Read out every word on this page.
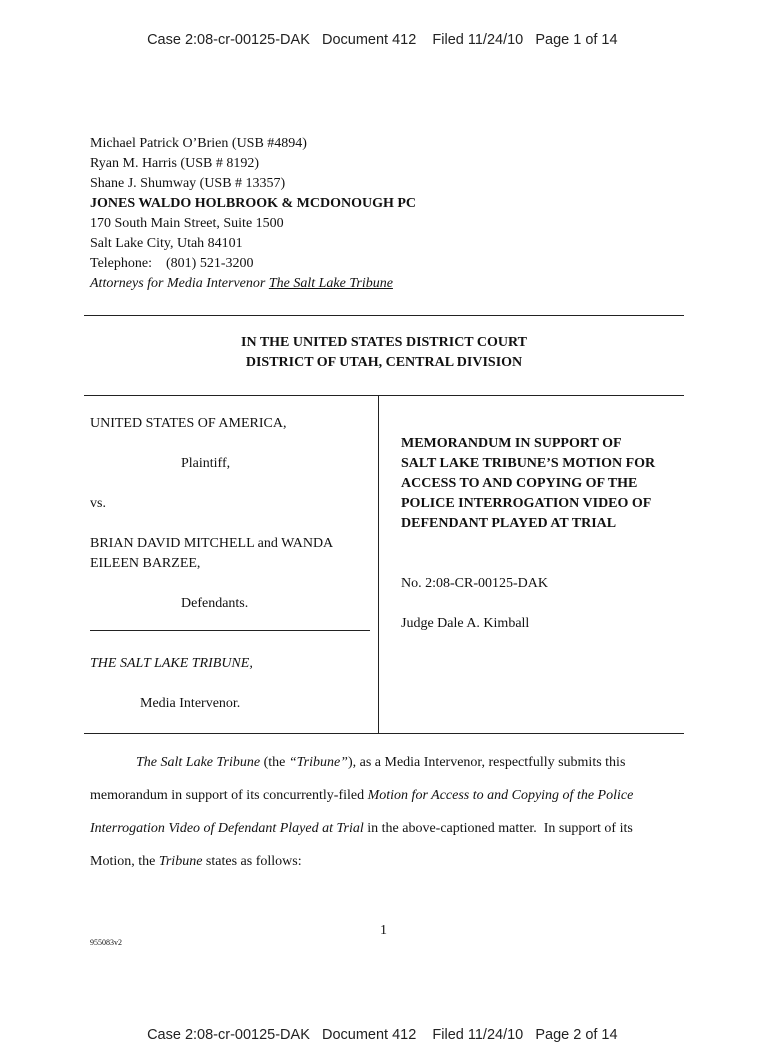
Case 2:08-cr-00125-DAK Document 412 Filed 11/24/10 Page 1 of 14

Michael Patrick O’Brien (USB #4894)
Ryan M. Harris (USB # 8192)
Shane J. Shumway (USB # 13357)
JONES WALDO HOLBROOK & MCDONOUGH PC
170 South Main Street, Suite 1500
Salt Lake City, Utah 84101
Telephone:    (801) 521-3200
Attorneys for Media Intervenor The Salt Lake Tribune
IN THE UNITED STATES DISTRICT COURT
DISTRICT OF UTAH, CENTRAL DIVISION
UNITED STATES OF AMERICA,
Plaintiff,
vs.
BRIAN DAVID MITCHELL and WANDA
EILEEN BARZEE,
Defendants.
THE SALT LAKE TRIBUNE,
Media Intervenor.
MEMORANDUM IN SUPPORT OF
SALT LAKE TRIBUNE’S MOTION FOR
ACCESS TO AND COPYING OF THE
POLICE INTERROGATION VIDEO OF
DEFENDANT PLAYED AT TRIAL
No. 2:08-CR-00125-DAK
Judge Dale A. Kimball
The Salt Lake Tribune (the “Tribune”), as a Media Intervenor, respectfully submits this
memorandum in support of its concurrently-filed Motion for Access to and Copying of the Police
Interrogation Video of Defendant Played at Trial in the above-captioned matter.  In support of its
Motion, the Tribune states as follows:
1
955083v2

Case 2:08-cr-00125-DAK Document 412 Filed 11/24/10 Page 2 of 14
